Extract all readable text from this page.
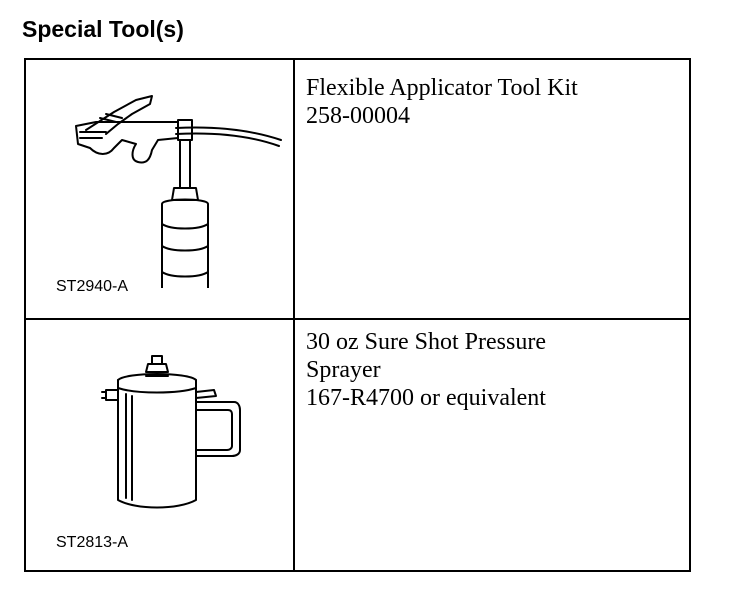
Special Tool(s)
ST2940-A
Flexible Applicator Tool Kit
258-00004
ST2813-A
30 oz Sure Shot Pressure
Sprayer
167-R4700 or equivalent
